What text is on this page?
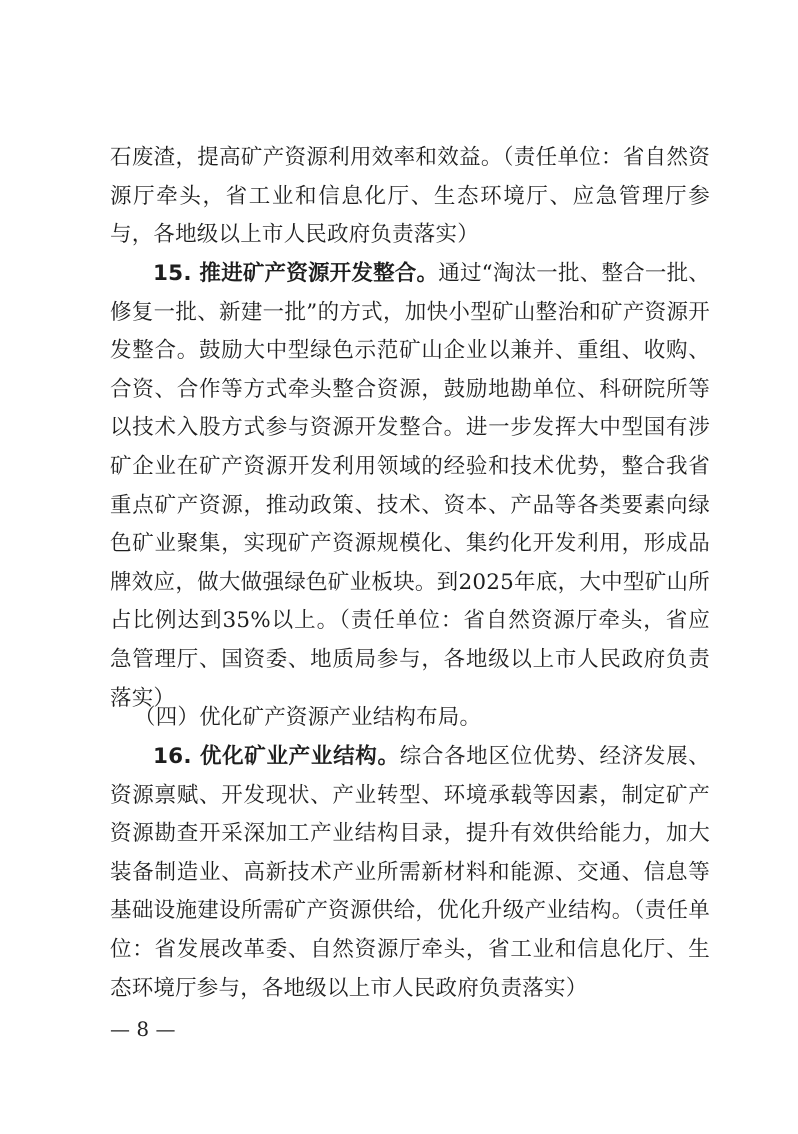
石废渣，提高矿产资源利用效率和效益。（责任单位：省自然资源厅牵头，省工业和信息化厅、生态环境厅、应急管理厅参与，各地级以上市人民政府负责落实）

15. 推进矿产资源开发整合。通过“淘汰一批、整合一批、修复一批、新建一批”的方式，加快小型矿山整治和矿产资源开发整合。鼓励大中型绿色示范矿山企业以兼并、重组、收购、合资、合作等方式牵头整合资源，鼓励地勘单位、科研院所等以技术入股方式参与资源开发整合。进一步发挥大中型国有涉矿企业在矿产资源开发利用领域的经验和技术优势，整合我省重点矿产资源，推动政策、技术、资本、产品等各类要素向绿色矿业聚集，实现矿产资源规模化、集约化开发利用，形成品牌效应，做大做强绿色矿业板块。到2025年底，大中型矿山所占比例达到35%以上。（责任单位：省自然资源厅牵头，省应急管理厅、国资委、地质局参与，各地级以上市人民政府负责落实）

（四）优化矿产资源产业结构布局。

16. 优化矿业产业结构。综合各地区位优势、经济发展、资源禀赋、开发现状、产业转型、环境承载等因素，制定矿产资源勘查开采深加工产业结构目录，提升有效供给能力，加大装备制造业、高新技术产业所需新材料和能源、交通、信息等基础设施建设所需矿产资源供给，优化升级产业结构。（责任单位：省发展改革委、自然资源厅牵头，省工业和信息化厅、生态环境厅参与，各地级以上市人民政府负责落实）

— 8 —
